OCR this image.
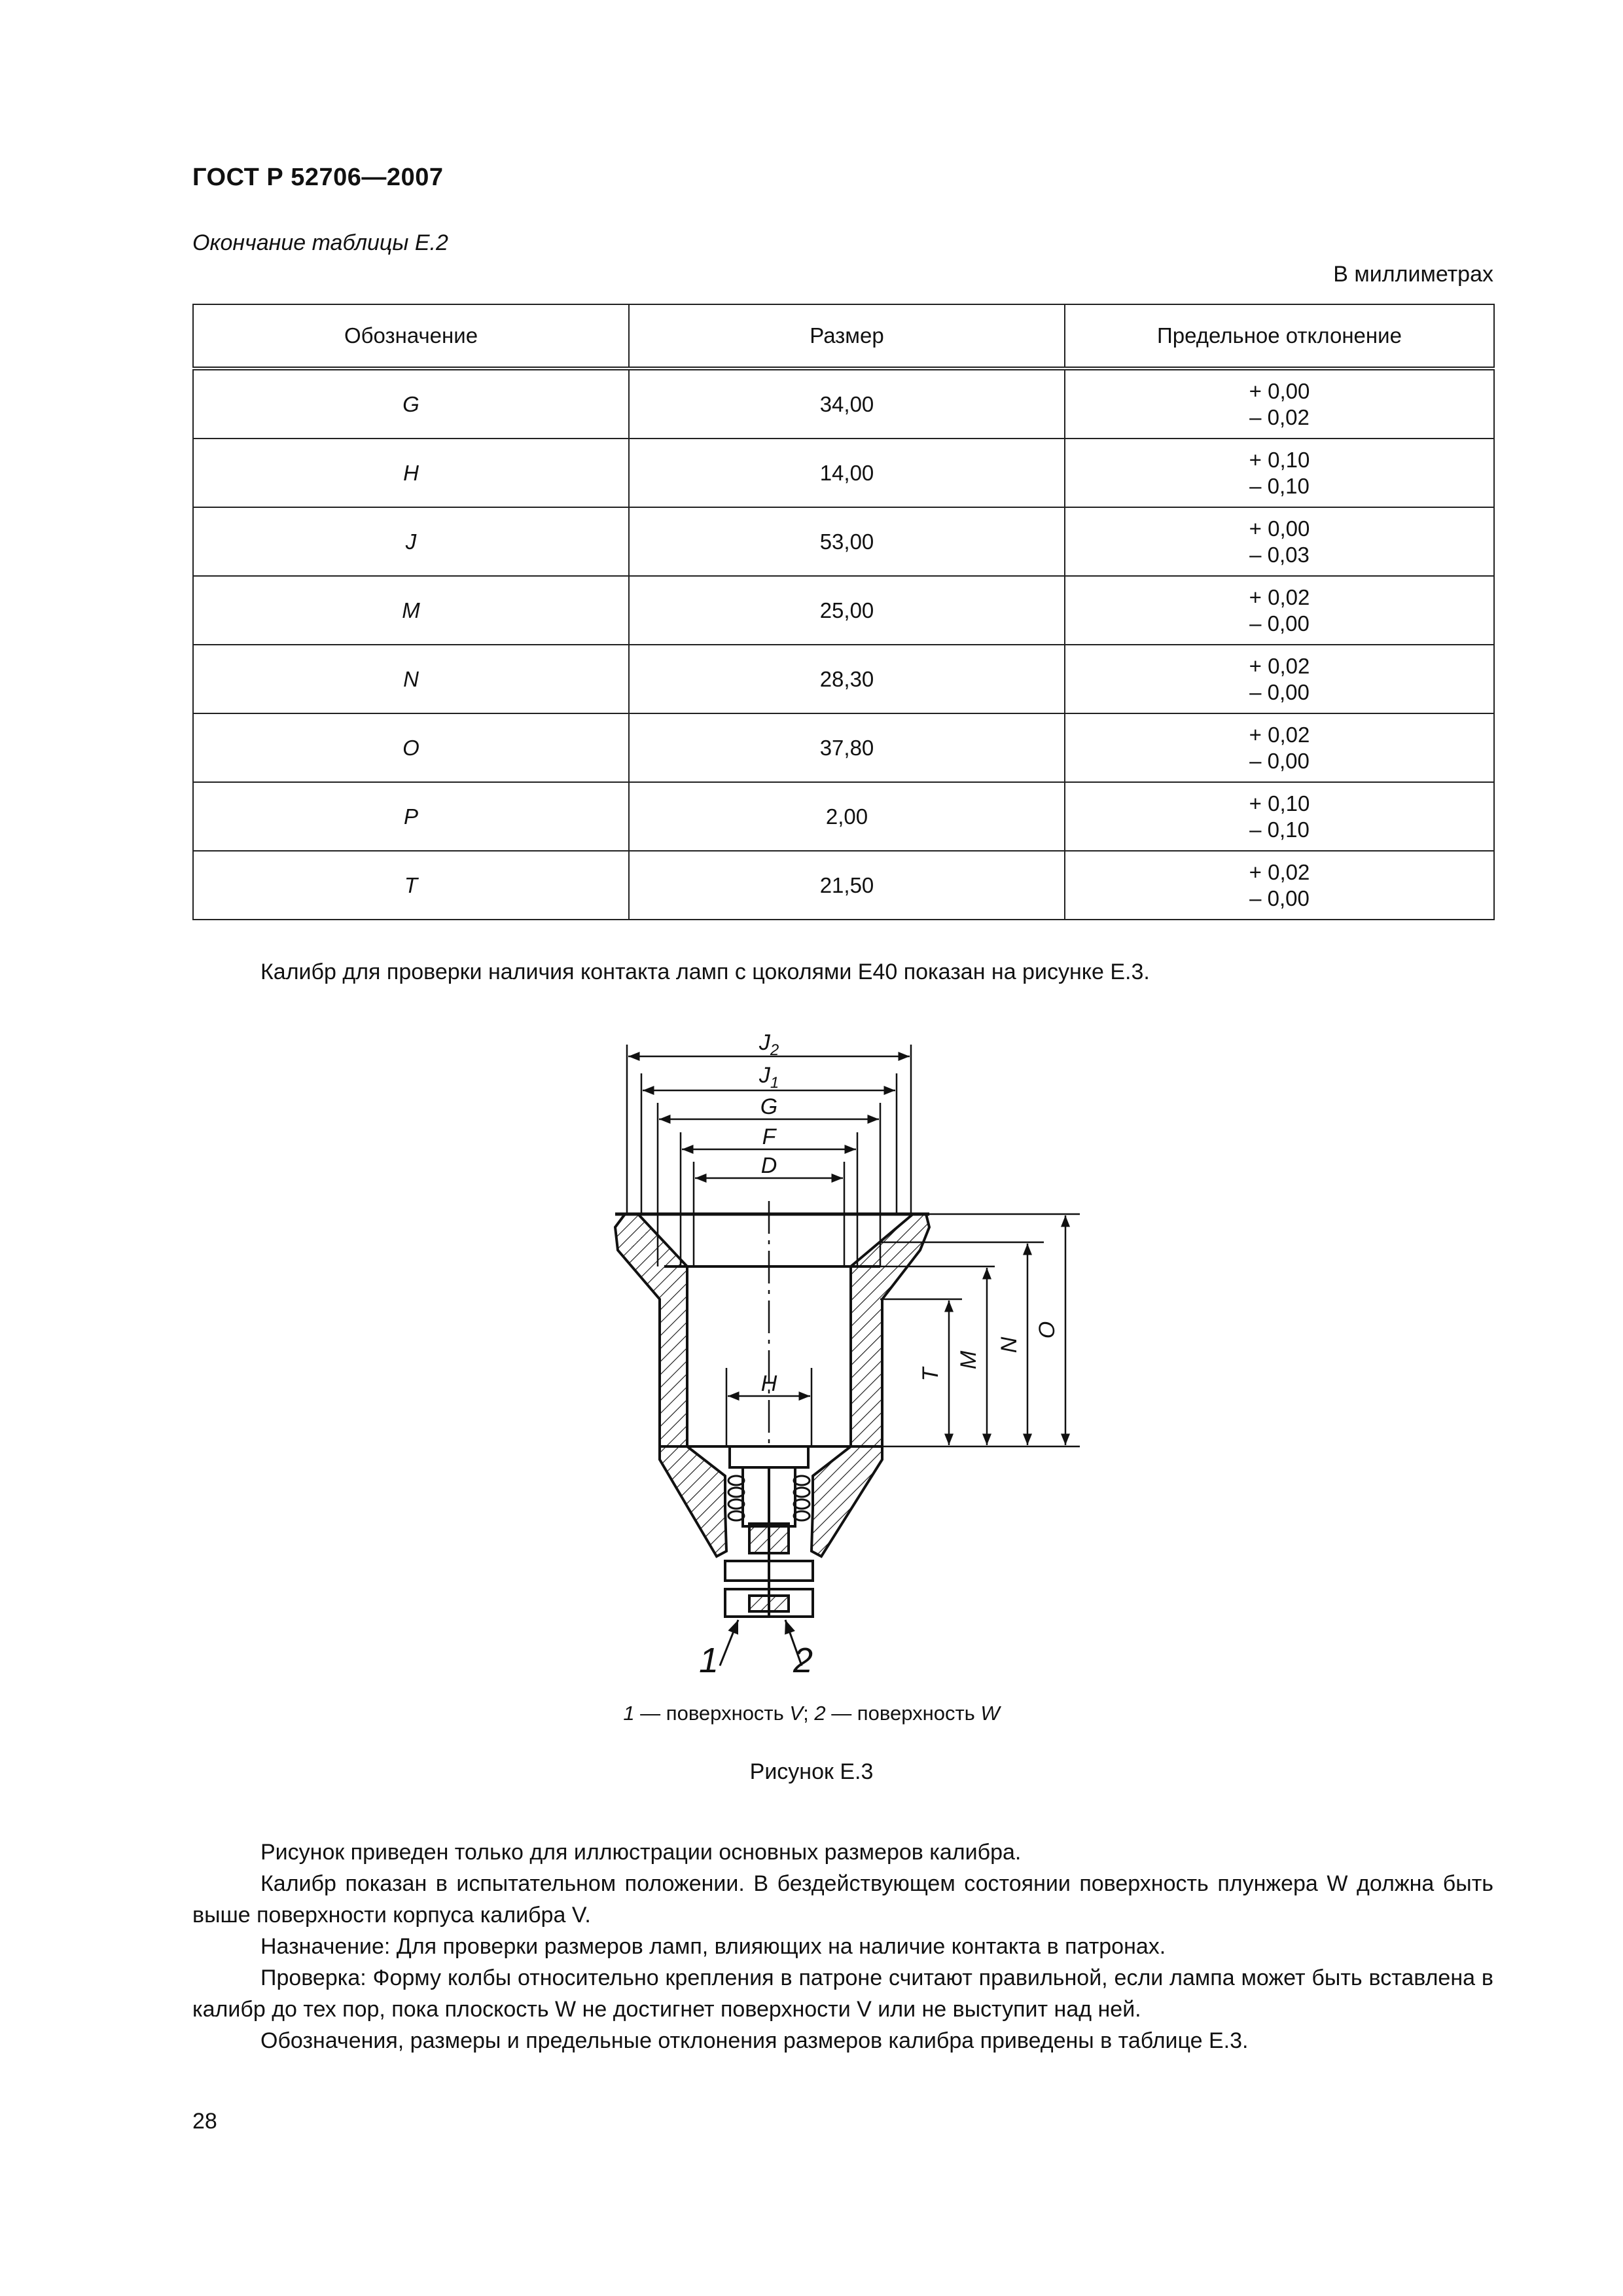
ГОСТ Р 52706—2007
Окончание таблицы Е.2
В миллиметрах
Обозначение	Размер	Предельное отклонение
G	34,00	+ 0,00
– 0,02
H	14,00	+ 0,10
– 0,10
J	53,00	+ 0,00
– 0,03
M	25,00	+ 0,02
– 0,00
N	28,30	+ 0,02
– 0,00
O	37,80	+ 0,02
– 0,00
P	2,00	+ 0,10
– 0,10
T	21,50	+ 0,02
– 0,00
Калибр для проверки наличия контакта ламп с цоколями Е40 показан на рисунке Е.3.
$J_2$
$J_1$
G
F
D
H	T
M
N
O
1 2
1 — поверхность V; 2 — поверхность W
Рисунок Е.3
Рисунок приведен только для иллюстрации основных размеров калибра.
Калибр показан в испытательном положении. В бездействующем состоянии поверхность плунжера W должна быть выше поверхности корпуса калибра V.
Назначение: Для проверки размеров ламп, влияющих на наличие контакта в патронах.
Проверка: Форму колбы относительно крепления в патроне считают правильной, если лампа может быть вставлена в калибр до тех пор, пока плоскость W не достигнет поверхности V или не выступит над ней.
Обозначения, размеры и предельные отклонения размеров калибра приведены в таблице Е.3.
28
